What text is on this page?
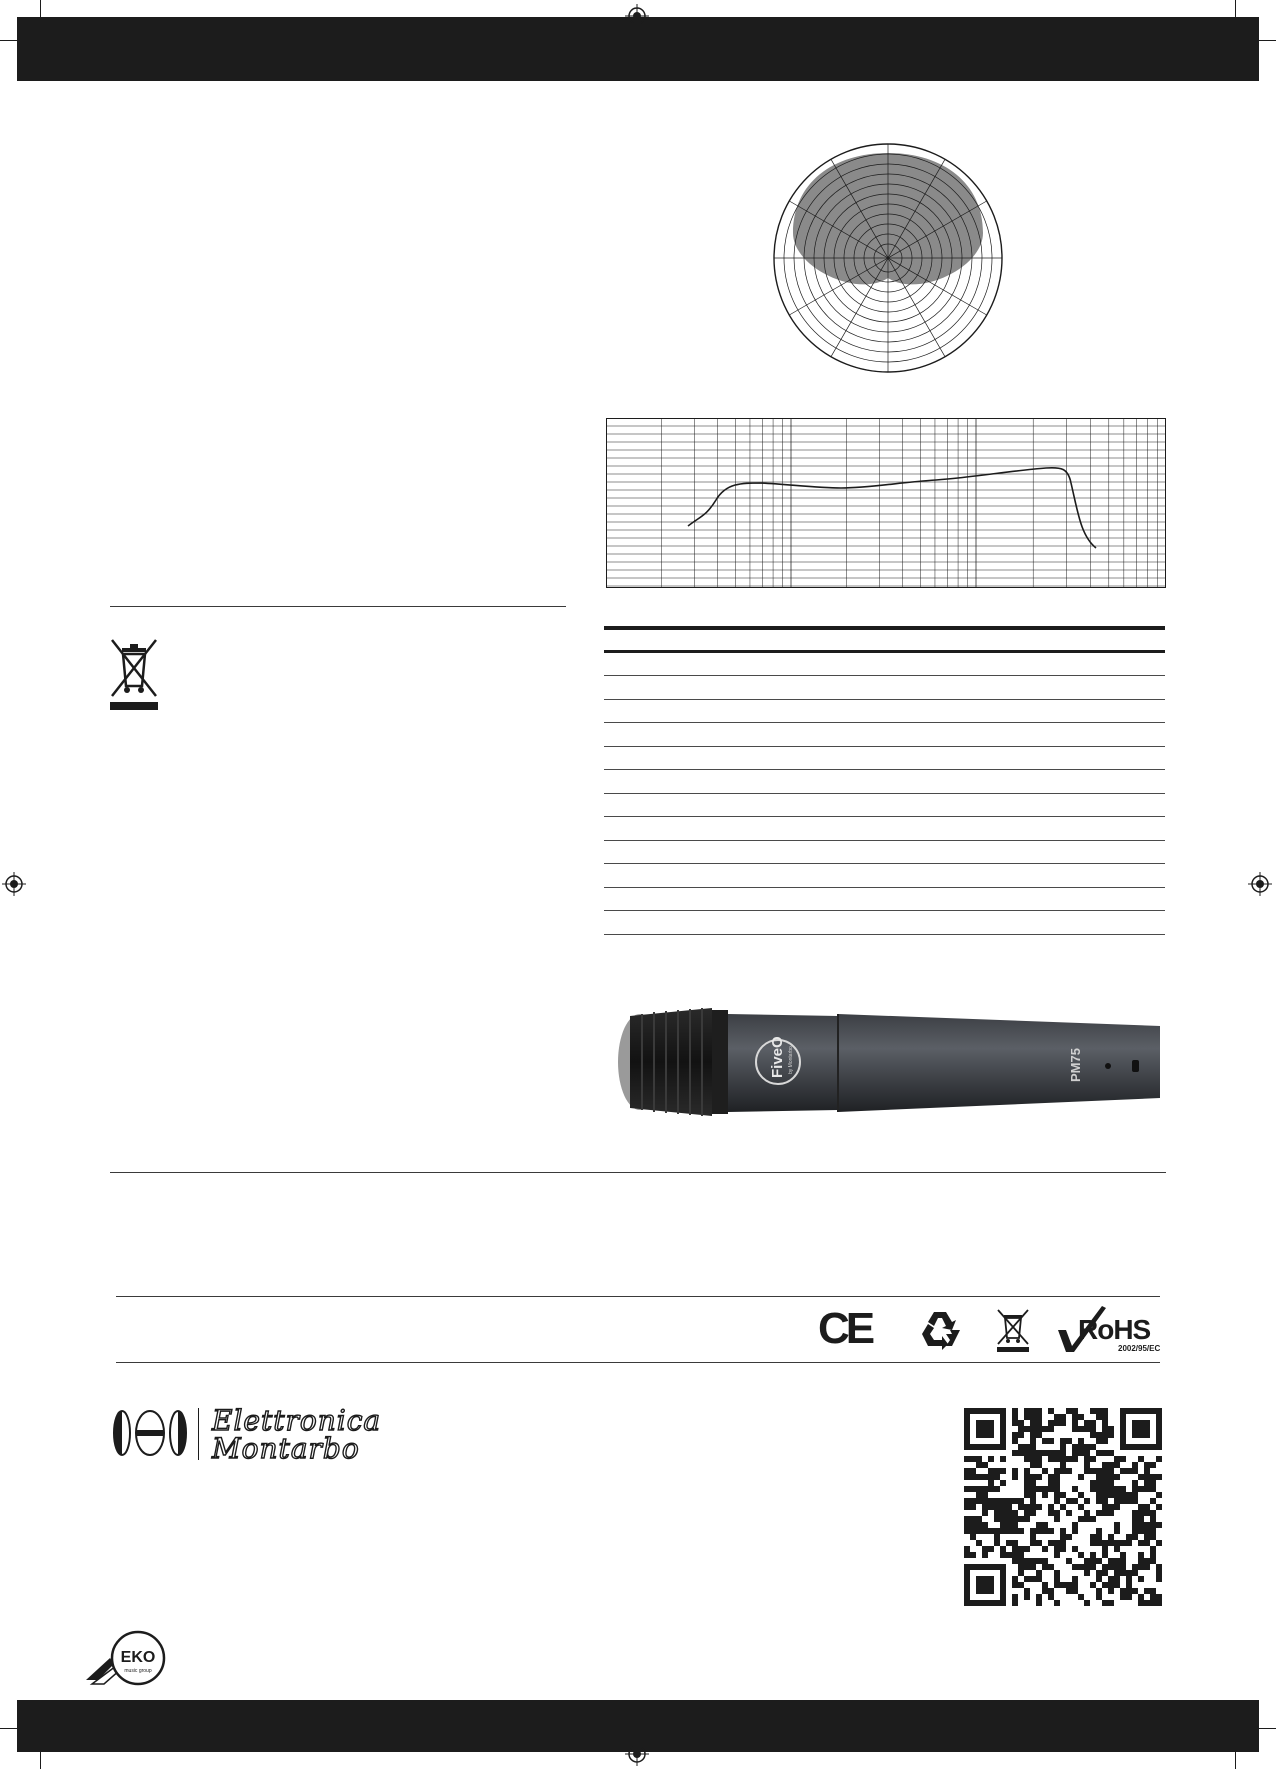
FiveO by Montarbo	PM75
CE	RoHS
2002/95/EC
Elettronica
Montarbo
EKO
music group
